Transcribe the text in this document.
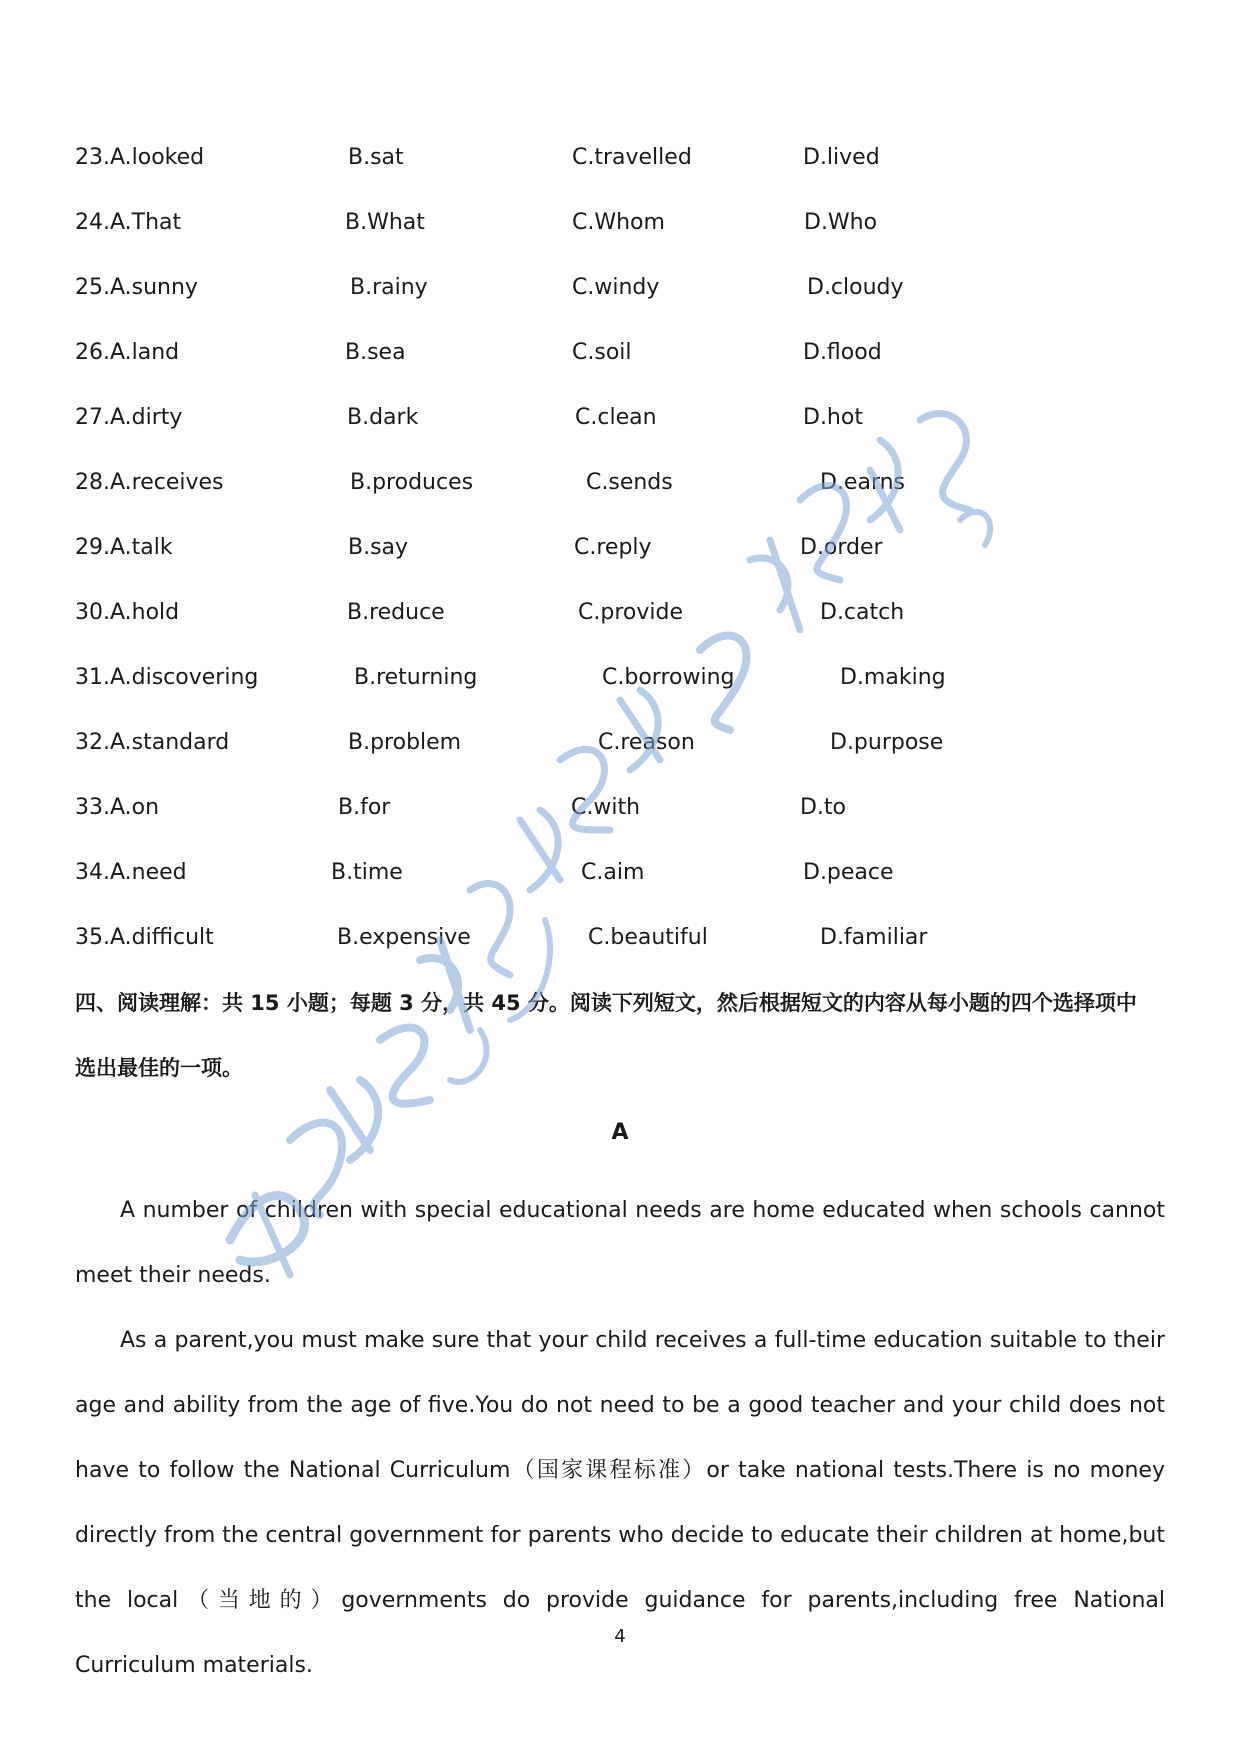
23.A.looked	B.sat	C.travelled	D.lived
24.A.That	B.What	C.Whom	D.Who
25.A.sunny	B.rainy	C.windy	D.cloudy
26.A.land	B.sea	C.soil	D.flood
27.A.dirty	B.dark	C.clean	D.hot
28.A.receives	B.produces	C.sends	D.earns
29.A.talk	B.say	C.reply	D.order
30.A.hold	B.reduce	C.provide	D.catch
31.A.discovering	B.returning	C.borrowing	D.making
32.A.standard	B.problem	C.reason	D.purpose
33.A.on	B.for	C.with	D.to
34.A.need	B.time	C.aim	D.peace
35.A.difficult	B.expensive	C.beautiful	D.familiar
四、阅读理解：共 15 小题；每题 3 分，共 45 分。阅读下列短文，然后根据短文的内容从每小题的四个选择项中
选出最佳的一项。
A

A number of children with special educational needs are home educated when schools cannot meet their needs.

As a parent,you must make sure that your child receives a full-time education suitable to their age and ability from the age of five.You do not need to be a good teacher and your child does not have to follow the National Curriculum（国家课程标准）or take national tests.There is no money directly from the central government for parents who decide to educate their children at home,but the local（当地的）governments do provide guidance for parents,including free National Curriculum materials.

4
